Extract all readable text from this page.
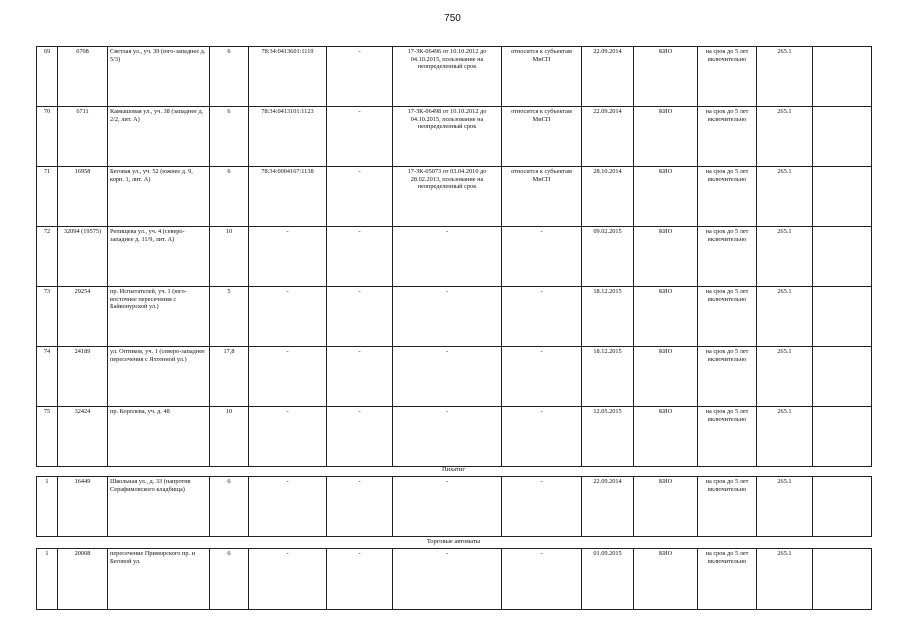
750
69	6708	Светлая ул., уч. 39 (юго-западнее д. 5/3)	6	78:34:0413601:1119	-	17-ЗК-06496 от 10.10.2012 до 04.10.2015, пользование на неопределенный срок	относится к субъектам МиСП	22.09.2014	КИО	на срок до 5 лет включительно	265.1	
70	6711	Камышовая ул., уч. 38 (западнее д. 2/2, лит. А)	6	78:34:0413101:1123	-	17-ЗК-06498 от 10.10.2012 до 04.10.2015, пользование на неопределенный срок	относится к субъектам МиСП	22.09.2014	КИО	на срок до 5 лет включительно	265.1	
71	16958	Беговая ул., уч. 52 (южнее д. 9, корп. 1, лит. А)	6	78:34:0004167:1138	-	17-ЗК-05073 от 03.04.2010 до 28.02.2013, пользование на неопределенный срок	относится к субъектам МиСП	28.10.2014	КИО	на срок до 5 лет включительно	265.1	
72	32094 (19575)	Репищева ул., уч. 4 (северо-западнее д. 11/9, лит. А)	10	-	-	-	-	09.02.2015	КИО	на срок до 5 лет включительно	265.1	
73	29254	пр. Испытателей, уч. 1 (юго-восточнее пересечения с Байконурской ул.)	5	-	-	-	-	18.12.2015	КИО	на срок до 5 лет включительно	265.1	
74	24189	ул. Оптиков, уч. 1 (северо-западнее пересечения с Яхтенной ул.)	17,8	-	-	-	-	18.12.2015	КИО	на срок до 5 лет включительно	265.1	
75	32424	пр. Королева, уч. д. 48	10	-	-	-	-	12.05.2015	КИО	на срок до 5 лет включительно	265.1	
Пихатиг
1	16449	Школьная ул., д. 33 (напротив Серафимовского кладбища)	6	-	-	-	-	22.09.2014	КИО	на срок до 5 лет включительно	265.1	
Торговые автоматы
1	20008	пересечение Приморского пр. и Беговой ул.	6	-	-	-	-	01.09.2015	КИО	на срок до 5 лет включительно	265.1	
